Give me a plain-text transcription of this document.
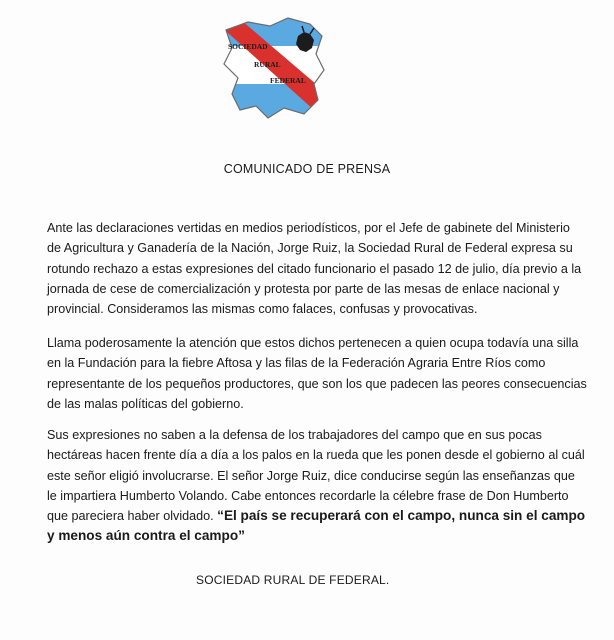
SOCIEDAD
RURAL
FEDERAL
COMUNICADO DE PRENSA

Ante las declaraciones vertidas en medios periodísticos, por el Jefe de gabinete del Ministerio de Agricultura y Ganadería de la Nación, Jorge Ruiz, la Sociedad Rural de Federal expresa su rotundo rechazo a estas expresiones del citado funcionario el pasado 12 de julio, día previo a la jornada de cese de comercialización y protesta por parte de las mesas de enlace nacional y provincial. Consideramos las mismas como falaces, confusas y provocativas.

Llama poderosamente la atención que estos dichos pertenecen a quien ocupa todavía una silla en la Fundación para la fiebre Aftosa y las filas de la Federación Agraria Entre Ríos como representante de los pequeños productores, que son los que padecen las peores consecuencias de las malas políticas del gobierno.

Sus expresiones no saben a la defensa de los trabajadores del campo que en sus pocas hectáreas hacen frente día a día a los palos en la rueda que les ponen desde el gobierno al cuál este señor eligió involucrarse. El señor Jorge Ruiz, dice conducirse según las enseñanzas que le impartiera Humberto Volando. Cabe entonces recordarle la célebre frase de Don Humberto que pareciera haber olvidado. “El país se recuperará con el campo, nunca sin el campo y menos aún contra el campo”

SOCIEDAD RURAL DE FEDERAL.
